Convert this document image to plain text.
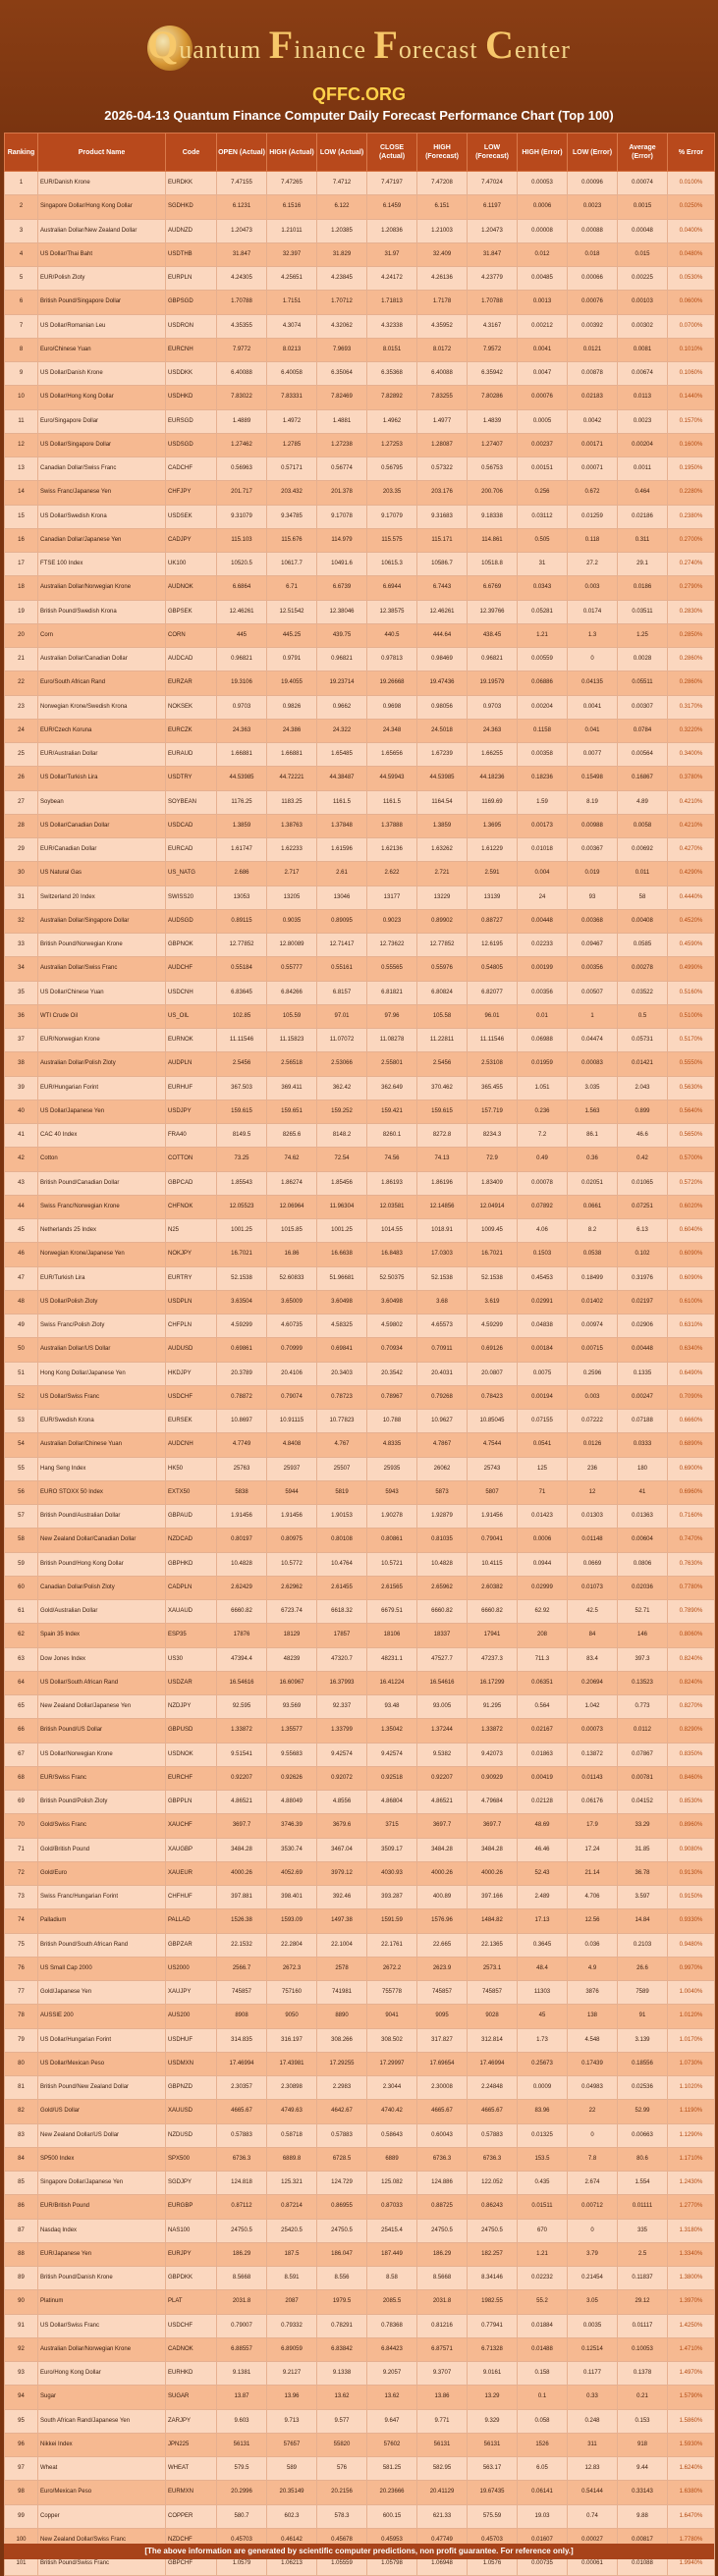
Quantum Finance Forecast Center
QFFC.ORG
2026-04-13 Quantum Finance Computer Daily Forecast Performance Chart (Top 100)
Ranking	Product Name	Code	OPEN (Actual)	HIGH (Actual)	LOW (Actual)	CLOSE (Actual)	HIGH (Forecast)	LOW (Forecast)	HIGH (Error)	LOW (Error)	Average (Error)	% Error
1	EUR/Danish Krone	EURDKK	7.47155	7.47265	7.4712	7.47197	7.47208	7.47024	0.00053	0.00096	0.00074	0.0100%
2	Singapore Dollar/Hong Kong Dollar	SGDHKD	6.1231	6.1516	6.122	6.1459	6.151	6.1197	0.0006	0.0023	0.0015	0.0250%
3	Australian Dollar/New Zealand Dollar	AUDNZD	1.20473	1.21011	1.20385	1.20836	1.21003	1.20473	0.00008	0.00088	0.00048	0.0400%
4	US Dollar/Thai Baht	USDTHB	31.847	32.397	31.829	31.97	32.409	31.847	0.012	0.018	0.015	0.0480%
5	EUR/Polish Zloty	EURPLN	4.24305	4.25651	4.23845	4.24172	4.26136	4.23779	0.00485	0.00066	0.00225	0.0530%
6	British Pound/Singapore Dollar	GBPSGD	1.70788	1.7151	1.70712	1.71813	1.7178	1.70788	0.0013	0.00076	0.00103	0.0600%
7	US Dollar/Romanian Leu	USDRON	4.35355	4.3074	4.32062	4.32338	4.35952	4.3167	0.00212	0.00392	0.00302	0.0700%
8	Euro/Chinese Yuan	EURCNH	7.9772	8.0213	7.9693	8.0151	8.0172	7.9572	0.0041	0.0121	0.0081	0.1010%
9	US Dollar/Danish Krone	USDDKK	6.40088	6.40058	6.35064	6.35368	6.40088	6.35942	0.0047	0.00878	0.00674	0.1060%
10	US Dollar/Hong Kong Dollar	USDHKD	7.83022	7.83331	7.82469	7.82892	7.83255	7.80286	0.00076	0.02183	0.0113	0.1440%
11	Euro/Singapore Dollar	EURSGD	1.4889	1.4972	1.4881	1.4962	1.4977	1.4839	0.0005	0.0042	0.0023	0.1570%
12	US Dollar/Singapore Dollar	USDSGD	1.27462	1.2785	1.27238	1.27253	1.28087	1.27407	0.00237	0.00171	0.00204	0.1600%
13	Canadian Dollar/Swiss Franc	CADCHF	0.56963	0.57171	0.56774	0.56795	0.57322	0.56753	0.00151	0.00071	0.0011	0.1950%
14	Swiss Franc/Japanese Yen	CHFJPY	201.717	203.432	201.378	203.35	203.176	200.706	0.256	0.672	0.464	0.2280%
15	US Dollar/Swedish Krona	USDSEK	9.31079	9.34785	9.17078	9.17079	9.31683	9.18338	0.03112	0.01259	0.02186	0.2380%
16	Canadian Dollar/Japanese Yen	CADJPY	115.103	115.676	114.979	115.575	115.171	114.861	0.505	0.118	0.311	0.2700%
17	FTSE 100 Index	UK100	10520.5	10617.7	10491.6	10615.3	10586.7	10518.8	31	27.2	29.1	0.2740%
18	Australian Dollar/Norwegian Krone	AUDNOK	6.6864	6.71	6.6739	6.6944	6.7443	6.6769	0.0343	0.003	0.0186	0.2790%
19	British Pound/Swedish Krona	GBPSEK	12.46261	12.51542	12.38046	12.38575	12.46261	12.39766	0.05281	0.0174	0.03511	0.2830%
20	Corn	CORN	445	445.25	439.75	440.5	444.64	438.45	1.21	1.3	1.25	0.2850%
21	Australian Dollar/Canadian Dollar	AUDCAD	0.96821	0.9791	0.96821	0.97813	0.98469	0.96821	0.00559	0	0.0028	0.2860%
22	Euro/South African Rand	EURZAR	19.3106	19.4055	19.23714	19.26668	19.47436	19.19579	0.06886	0.04135	0.05511	0.2860%
23	Norwegian Krone/Swedish Krona	NOKSEK	0.9703	0.9826	0.9662	0.9698	0.98056	0.9703	0.00204	0.0041	0.00307	0.3170%
24	EUR/Czech Koruna	EURCZK	24.363	24.386	24.322	24.348	24.5018	24.363	0.1158	0.041	0.0784	0.3220%
25	EUR/Australian Dollar	EURAUD	1.66881	1.66881	1.65485	1.65656	1.67239	1.66255	0.00358	0.0077	0.00564	0.3400%
26	US Dollar/Turkish Lira	USDTRY	44.53985	44.72221	44.38487	44.59943	44.53985	44.18236	0.18236	0.15498	0.16867	0.3780%
27	Soybean	SOYBEAN	1176.25	1183.25	1161.5	1161.5	1164.54	1169.69	1.59	8.19	4.89	0.4210%
28	US Dollar/Canadian Dollar	USDCAD	1.3859	1.38763	1.37848	1.37888	1.3859	1.3695	0.00173	0.00988	0.0058	0.4210%
29	EUR/Canadian Dollar	EURCAD	1.61747	1.62233	1.61596	1.62136	1.63262	1.61229	0.01018	0.00367	0.00692	0.4270%
30	US Natural Gas	US_NATG	2.686	2.717	2.61	2.622	2.721	2.591	0.004	0.019	0.011	0.4290%
31	Switzerland 20 Index	SWISS20	13053	13205	13046	13177	13229	13139	24	93	58	0.4440%
32	Australian Dollar/Singapore Dollar	AUDSGD	0.89115	0.9035	0.89095	0.9023	0.89902	0.88727	0.00448	0.00368	0.00408	0.4520%
33	British Pound/Norwegian Krone	GBPNOK	12.77852	12.80089	12.71417	12.73622	12.77852	12.6195	0.02233	0.09467	0.0585	0.4590%
34	Australian Dollar/Swiss Franc	AUDCHF	0.55184	0.55777	0.55161	0.55565	0.55976	0.54805	0.00199	0.00356	0.00278	0.4990%
35	US Dollar/Chinese Yuan	USDCNH	6.83645	6.84266	6.8157	6.81821	6.80824	6.82077	0.00356	0.00507	0.03522	0.5160%
36	WTI Crude Oil	US_OIL	102.85	105.59	97.01	97.96	105.58	96.01	0.01	1	0.5	0.5100%
37	EUR/Norwegian Krone	EURNOK	11.11546	11.15823	11.07072	11.08278	11.22811	11.11546	0.06988	0.04474	0.05731	0.5170%
38	Australian Dollar/Polish Zloty	AUDPLN	2.5456	2.56518	2.53066	2.55801	2.5456	2.53108	0.01959	0.00083	0.01421	0.5550%
39	EUR/Hungarian Forint	EURHUF	367.503	369.411	362.42	362.649	370.462	365.455	1.051	3.035	2.043	0.5630%
40	US Dollar/Japanese Yen	USDJPY	159.615	159.651	159.252	159.421	159.615	157.719	0.236	1.563	0.899	0.5640%
41	CAC 40 Index	FRA40	8149.5	8265.6	8148.2	8260.1	8272.8	8234.3	7.2	86.1	46.6	0.5650%
42	Cotton	COTTON	73.25	74.62	72.54	74.56	74.13	72.9	0.49	0.36	0.42	0.5700%
43	British Pound/Canadian Dollar	GBPCAD	1.85543	1.86274	1.85456	1.86193	1.86196	1.83409	0.00078	0.02051	0.01065	0.5720%
44	Swiss Franc/Norwegian Krone	CHFNOK	12.05523	12.06964	11.96304	12.03581	12.14856	12.04914	0.07892	0.0661	0.07251	0.6020%
45	Netherlands 25 Index	N25	1001.25	1015.85	1001.25	1014.55	1018.91	1009.45	4.06	8.2	6.13	0.6040%
46	Norwegian Krone/Japanese Yen	NOKJPY	16.7021	16.86	16.6638	16.8483	17.0303	16.7021	0.1503	0.0538	0.102	0.6090%
47	EUR/Turkish Lira	EURTRY	52.1538	52.60833	51.96681	52.50375	52.1538	52.1538	0.45453	0.18499	0.31976	0.6090%
48	US Dollar/Polish Zloty	USDPLN	3.63504	3.65009	3.60498	3.60498	3.68	3.619	0.02991	0.01402	0.02197	0.6100%
49	Swiss Franc/Polish Zloty	CHFPLN	4.59299	4.60735	4.58325	4.59802	4.65573	4.59299	0.04838	0.00974	0.02906	0.6310%
50	Australian Dollar/US Dollar	AUDUSD	0.69861	0.70999	0.69841	0.70934	0.70911	0.69126	0.00184	0.00715	0.00448	0.6340%
51	Hong Kong Dollar/Japanese Yen	HKDJPY	20.3789	20.4106	20.3403	20.3542	20.4031	20.0807	0.0075	0.2596	0.1335	0.6490%
52	US Dollar/Swiss Franc	USDCHF	0.78872	0.79074	0.78723	0.78967	0.79268	0.78423	0.00194	0.003	0.00247	0.7090%
53	EUR/Swedish Krona	EURSEK	10.8697	10.91115	10.77823	10.788	10.9627	10.85045	0.07155	0.07222	0.07188	0.6660%
54	Australian Dollar/Chinese Yuan	AUDCNH	4.7749	4.8408	4.767	4.8335	4.7867	4.7544	0.0541	0.0126	0.0333	0.6890%
55	Hang Seng Index	HK50	25763	25937	25507	25935	26062	25743	125	236	180	0.6900%
56	EURO STOXX 50 Index	EXTX50	5838	5944	5819	5943	5873	5807	71	12	41	0.6960%
57	British Pound/Australian Dollar	GBPAUD	1.91456	1.91456	1.90153	1.90278	1.92879	1.91456	0.01423	0.01303	0.01363	0.7160%
58	New Zealand Dollar/Canadian Dollar	NZDCAD	0.80197	0.80975	0.80108	0.80861	0.81035	0.79041	0.0006	0.01148	0.00604	0.7470%
59	British Pound/Hong Kong Dollar	GBPHKD	10.4828	10.5772	10.4764	10.5721	10.4828	10.4115	0.0944	0.0669	0.0806	0.7630%
60	Canadian Dollar/Polish Zloty	CADPLN	2.62429	2.62962	2.61455	2.61565	2.65962	2.60382	0.02999	0.01073	0.02036	0.7780%
61	Gold/Australian Dollar	XAUAUD	6660.82	6723.74	6618.32	6679.51	6660.82	6660.82	62.92	42.5	52.71	0.7890%
62	Spain 35 Index	ESP35	17876	18129	17857	18106	18337	17941	208	84	146	0.8060%
63	Dow Jones Index	US30	47394.4	48239	47320.7	48231.1	47527.7	47237.3	711.3	83.4	397.3	0.8240%
64	US Dollar/South African Rand	USDZAR	16.54616	16.60967	16.37993	16.41224	16.54616	16.17299	0.06351	0.20694	0.13523	0.8240%
65	New Zealand Dollar/Japanese Yen	NZDJPY	92.595	93.569	92.337	93.48	93.005	91.295	0.564	1.042	0.773	0.8270%
66	British Pound/US Dollar	GBPUSD	1.33872	1.35577	1.33799	1.35042	1.37244	1.33872	0.02167	0.00073	0.0112	0.8290%
67	US Dollar/Norwegian Krone	USDNOK	9.51541	9.55683	9.42574	9.42574	9.5382	9.42073	0.01863	0.13872	0.07867	0.8350%
68	EUR/Swiss Franc	EURCHF	0.92207	0.92626	0.92072	0.92518	0.92207	0.90929	0.00419	0.01143	0.00781	0.8460%
69	British Pound/Polish Zloty	GBPPLN	4.86521	4.88049	4.8556	4.86804	4.86521	4.79684	0.02128	0.06176	0.04152	0.8530%
70	Gold/Swiss Franc	XAUCHF	3697.7	3746.39	3679.6	3715	3697.7	3697.7	48.69	17.9	33.29	0.8960%
71	Gold/British Pound	XAUGBP	3484.28	3530.74	3467.04	3509.17	3484.28	3484.28	46.46	17.24	31.85	0.9080%
72	Gold/Euro	XAUEUR	4000.26	4052.69	3979.12	4030.93	4000.26	4000.26	52.43	21.14	36.78	0.9130%
73	Swiss Franc/Hungarian Forint	CHFHUF	397.881	398.401	392.46	393.287	400.89	397.166	2.489	4.706	3.597	0.9150%
74	Palladium	PALLAD	1526.38	1593.09	1497.38	1591.59	1576.96	1484.82	17.13	12.56	14.84	0.9330%
75	British Pound/South African Rand	GBPZAR	22.1532	22.2804	22.1004	22.1761	22.665	22.1365	0.3645	0.036	0.2103	0.9480%
76	US Small Cap 2000	US2000	2566.7	2672.3	2578	2672.2	2623.9	2573.1	48.4	4.9	26.6	0.9970%
77	Gold/Japanese Yen	XAUJPY	745857	757160	741981	755778	745857	745857	11303	3876	7589	1.0040%
78	AUSSIE 200	AUS200	8908	9050	8890	9041	9095	9028	45	138	91	1.0120%
79	US Dollar/Hungarian Forint	USDHUF	314.835	316.197	308.266	308.502	317.827	312.814	1.73	4.548	3.139	1.0170%
80	US Dollar/Mexican Peso	USDMXN	17.46994	17.43981	17.29255	17.29997	17.69654	17.46994	0.25673	0.17439	0.18556	1.0730%
81	British Pound/New Zealand Dollar	GBPNZD	2.30357	2.30898	2.2983	2.3044	2.30008	2.24848	0.0009	0.04983	0.02536	1.1020%
82	Gold/US Dollar	XAUUSD	4665.67	4749.63	4642.67	4740.42	4665.67	4665.67	83.96	22	52.99	1.1190%
83	New Zealand Dollar/US Dollar	NZDUSD	0.57883	0.58718	0.57883	0.58643	0.60043	0.57883	0.01325	0	0.00663	1.1290%
84	SP500 Index	SPX500	6736.3	6889.8	6728.5	6889	6736.3	6736.3	153.5	7.8	80.6	1.1710%
85	Singapore Dollar/Japanese Yen	SGDJPY	124.818	125.321	124.729	125.082	124.886	122.052	0.435	2.674	1.554	1.2430%
86	EUR/British Pound	EURGBP	0.87112	0.87214	0.86955	0.87033	0.88725	0.86243	0.01511	0.00712	0.01111	1.2770%
87	Nasdaq Index	NAS100	24750.5	25420.5	24750.5	25415.4	24750.5	24750.5	670	0	335	1.3180%
88	EUR/Japanese Yen	EURJPY	186.29	187.5	186.047	187.449	186.29	182.257	1.21	3.79	2.5	1.3340%
89	British Pound/Danish Krone	GBPDKK	8.5668	8.591	8.556	8.58	8.5668	8.34146	0.02232	0.21454	0.11837	1.3800%
90	Platinum	PLAT	2031.8	2087	1979.5	2085.5	2031.8	1982.55	55.2	3.05	29.12	1.3970%
91	US Dollar/Swiss Franc	USDCHF	0.79007	0.79332	0.78291	0.78368	0.81216	0.77941	0.01884	0.0035	0.01117	1.4250%
92	Australian Dollar/Norwegian Krone	CADNOK	6.88557	6.89059	6.83842	6.84423	6.87571	6.71328	0.01488	0.12514	0.10053	1.4710%
93	Euro/Hong Kong Dollar	EURHKD	9.1381	9.2127	9.1338	9.2057	9.3707	9.0161	0.158	0.1177	0.1378	1.4970%
94	Sugar	SUGAR	13.87	13.96	13.62	13.62	13.86	13.29	0.1	0.33	0.21	1.5790%
95	South African Rand/Japanese Yen	ZARJPY	9.603	9.713	9.577	9.647	9.771	9.329	0.058	0.248	0.153	1.5860%
96	Nikkei Index	JPN225	56131	57657	55820	57602	56131	56131	1526	311	918	1.5930%
97	Wheat	WHEAT	579.5	589	576	581.25	582.95	563.17	6.05	12.83	9.44	1.6240%
98	Euro/Mexican Peso	EURMXN	20.2996	20.35149	20.2156	20.23666	20.41129	19.67435	0.06141	0.54144	0.33143	1.6380%
99	Copper	COPPER	580.7	602.3	578.3	600.15	621.33	575.59	19.03	0.74	9.88	1.6470%
100	New Zealand Dollar/Swiss Franc	NZDCHF	0.45703	0.46142	0.45678	0.45953	0.47749	0.45703	0.01607	0.00027	0.00817	1.7780%
101	British Pound/Swiss Franc	GBPCHF	1.0579	1.06213	1.05559	1.05798	1.06948	1.0576	0.00735	0.00061	0.01088	1.9940%
[The above information are generated by scientific computer predictions, non profit guarantee. For reference only.]
